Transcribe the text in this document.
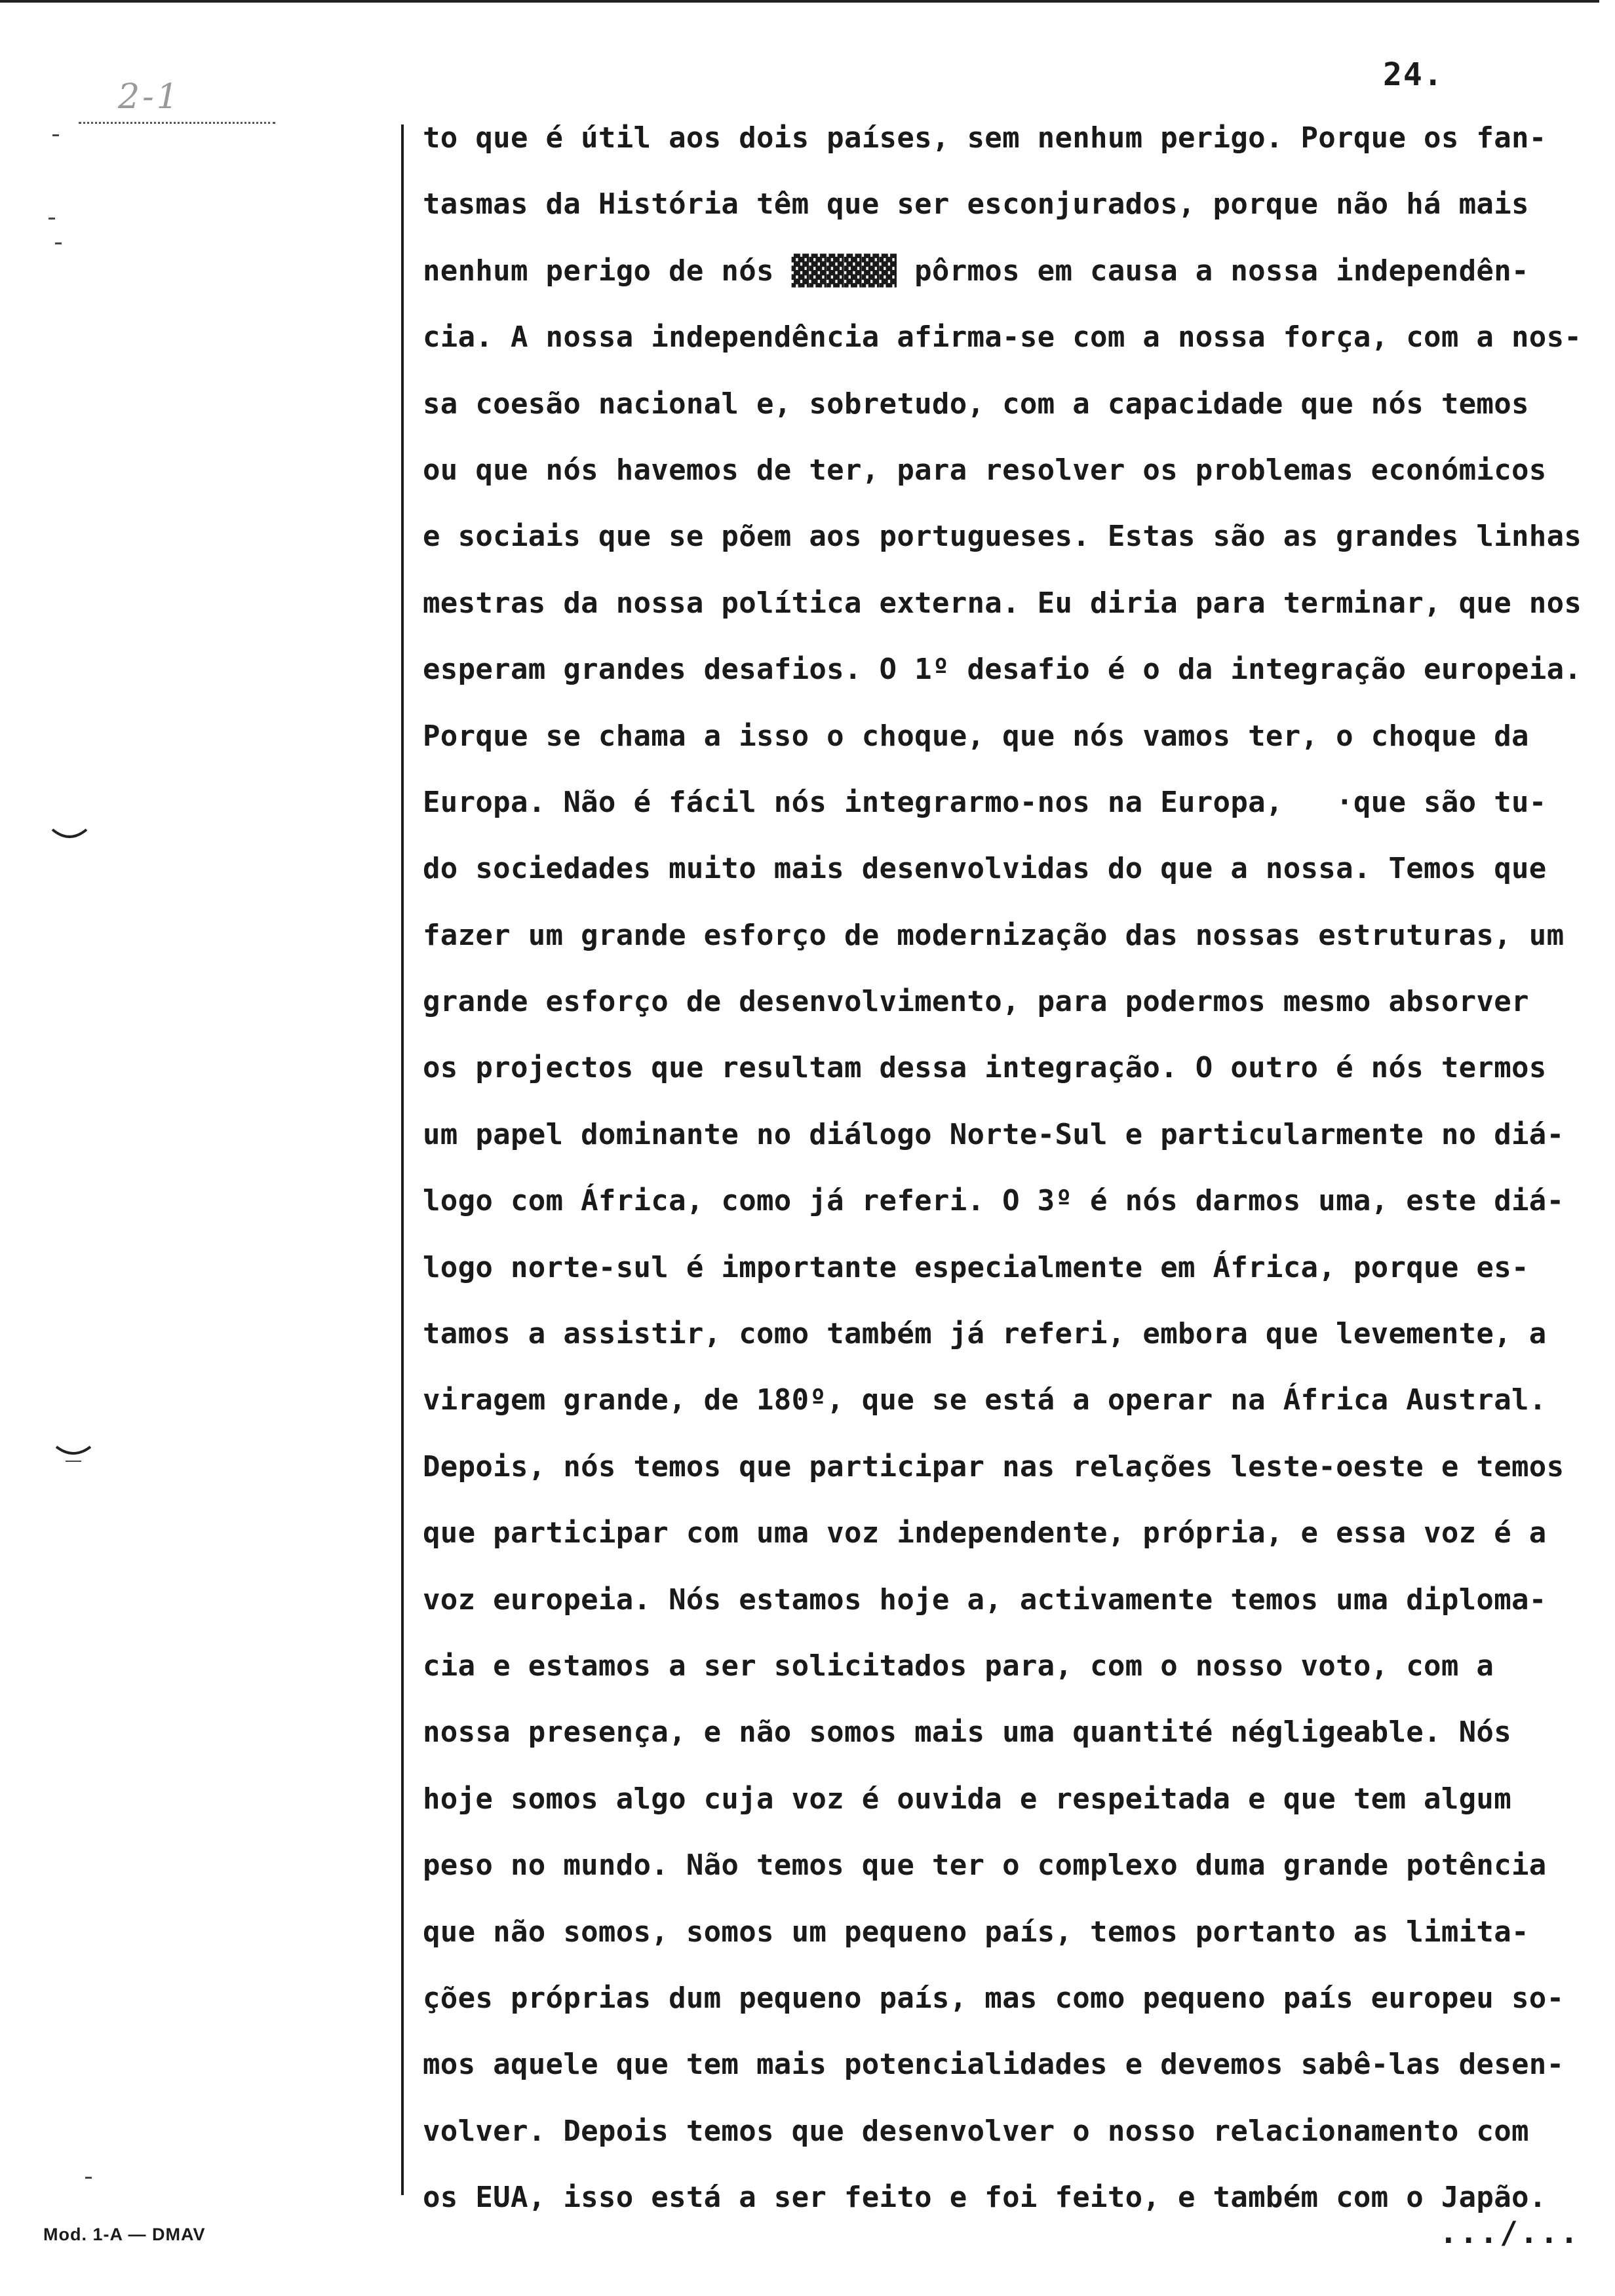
2-1
24.
to que é útil aos dois países, sem nenhum perigo. Porque os fan-
tasmas da História têm que ser esconjurados, porque não há mais
nenhum perigo de nós ▓▓▓▓▓▓ pôrmos em causa a nossa independên-
cia. A nossa independência afirma-se com a nossa força, com a nos-
sa coesão nacional e, sobretudo, com a capacidade que nós temos
ou que nós havemos de ter, para resolver os problemas económicos
e sociais que se põem aos portugueses. Estas são as grandes linhas
mestras da nossa política externa. Eu diria para terminar, que nos
esperam grandes desafios. O 1º desafio é o da integração europeia.
Porque se chama a isso o choque, que nós vamos ter, o choque da
Europa. Não é fácil nós integrarmo-nos na Europa,   ·que são tu-
do sociedades muito mais desenvolvidas do que a nossa. Temos que
fazer um grande esforço de modernização das nossas estruturas, um
grande esforço de desenvolvimento, para podermos mesmo absorver
os projectos que resultam dessa integração. O outro é nós termos
um papel dominante no diálogo Norte-Sul e particularmente no diá-
logo com África, como já referi. O 3º é nós darmos uma, este diá-
logo norte-sul é importante especialmente em África, porque es-
tamos a assistir, como também já referi, embora que levemente, a
viragem grande, de 180º, que se está a operar na África Austral.
Depois, nós temos que participar nas relações leste-oeste e temos
que participar com uma voz independente, própria, e essa voz é a
voz europeia. Nós estamos hoje a, activamente temos uma diploma-
cia e estamos a ser solicitados para, com o nosso voto, com a
nossa presença, e não somos mais uma quantité négligeable. Nós
hoje somos algo cuja voz é ouvida e respeitada e que tem algum
peso no mundo. Não temos que ter o complexo duma grande potência
que não somos, somos um pequeno país, temos portanto as limita-
ções próprias dum pequeno país, mas como pequeno país europeu so-
mos aquele que tem mais potencialidades e devemos sabê-las desen-
volver. Depois temos que desenvolver o nosso relacionamento com
os EUA, isso está a ser feito e foi feito, e também com o Japão.
Mod. 1-A — DMAV	.../...
